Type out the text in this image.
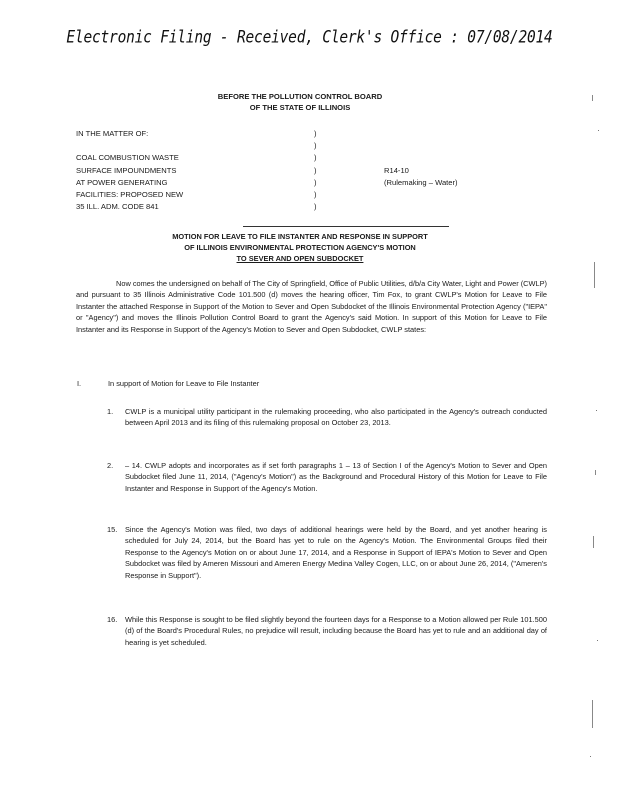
Electronic Filing - Received, Clerk's Office : 07/08/2014
BEFORE THE POLLUTION CONTROL BOARD
OF THE STATE OF ILLINOIS
IN THE MATTER OF:	)
)
COAL COMBUSTION WASTE	)
SURFACE IMPOUNDMENTS	)	R14-10
AT POWER GENERATING	)	(Rulemaking – Water)
FACILITIES: PROPOSED NEW	)
35 ILL. ADM. CODE 841	)
MOTION FOR LEAVE TO FILE INSTANTER AND RESPONSE IN SUPPORT
OF ILLINOIS ENVIRONMENTAL PROTECTION AGENCY'S MOTION
TO SEVER AND OPEN SUBDOCKET
Now comes the undersigned on behalf of The City of Springfield, Office of Public Utilities, d/b/a City Water, Light and Power (CWLP) and pursuant to 35 Illinois Administrative Code 101.500 (d) moves the hearing officer, Tim Fox, to grant CWLP's Motion for Leave to File Instanter the attached Response in Support of the Motion to Sever and Open Subdocket of the Illinois Environmental Protection Agency ("IEPA" or "Agency") and moves the Illinois Pollution Control Board to grant the Agency's said Motion. In support of this Motion for Leave to File Instanter and its Response in Support of the Agency's Motion to Sever and Open Subdocket, CWLP states:
I.	In support of Motion for Leave to File Instanter
1.	CWLP is a municipal utility participant in the rulemaking proceeding, who also participated in the Agency's outreach conducted between April 2013 and its filing of this rulemaking proposal on October 23, 2013.
2.	– 14. CWLP adopts and incorporates as if set forth paragraphs 1 – 13 of Section I of the Agency's Motion to Sever and Open Subdocket filed June 11, 2014, ("Agency's Motion") as the Background and Procedural History of this Motion for Leave to File Instanter and Response in Support of the Agency's Motion.
15.	Since the Agency's Motion was filed, two days of additional hearings were held by the Board, and yet another hearing is scheduled for July 24, 2014, but the Board has yet to rule on the Agency's Motion. The Environmental Groups filed their Response to the Agency's Motion on or about June 17, 2014, and a Response in Support of IEPA's Motion to Sever and Open Subdocket was filed by Ameren Missouri and Ameren Energy Medina Valley Cogen, LLC, on or about June 26, 2014, ("Ameren's Response in Support").
16.	While this Response is sought to be filed slightly beyond the fourteen days for a Response to a Motion allowed per Rule 101.500 (d) of the Board's Procedural Rules, no prejudice will result, including because the Board has yet to rule and an additional day of hearing is yet scheduled.
